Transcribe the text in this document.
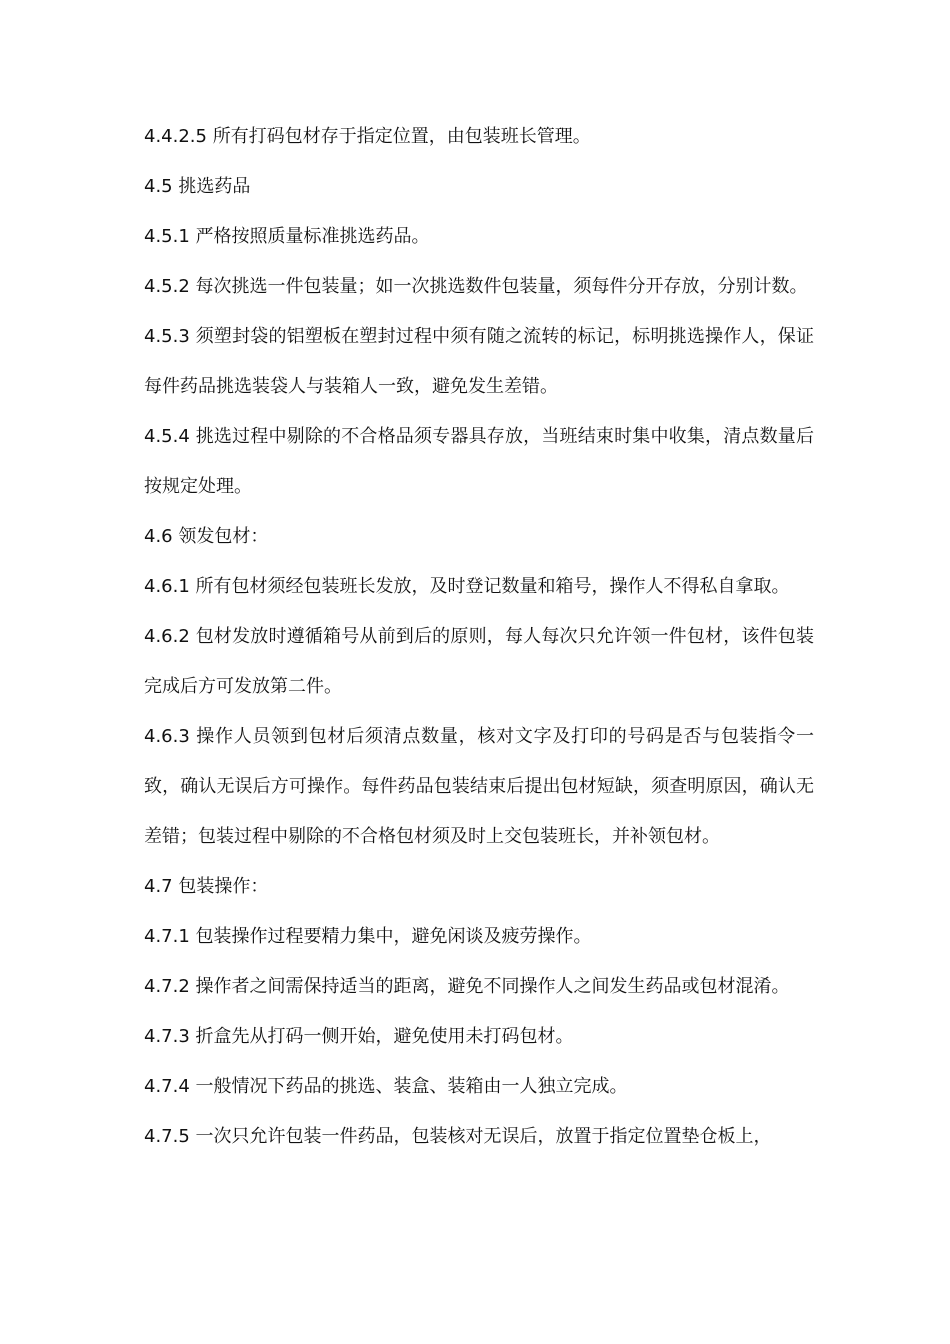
4.4.2.5 所有打码包材存于指定位置，由包装班长管理。

4.5 挑选药品

4.5.1 严格按照质量标准挑选药品。

4.5.2 每次挑选一件包装量；如一次挑选数件包装量，须每件分开存放，分别计数。

4.5.3 须塑封袋的铝塑板在塑封过程中须有随之流转的标记，标明挑选操作人，保证每件药品挑选装袋人与装箱人一致，避免发生差错。

4.5.4 挑选过程中剔除的不合格品须专器具存放，当班结束时集中收集，清点数量后按规定处理。

4.6 领发包材：

4.6.1 所有包材须经包装班长发放，及时登记数量和箱号，操作人不得私自拿取。

4.6.2 包材发放时遵循箱号从前到后的原则，每人每次只允许领一件包材，该件包装完成后方可发放第二件。

4.6.3 操作人员领到包材后须清点数量，核对文字及打印的号码是否与包装指令一致，确认无误后方可操作。每件药品包装结束后提出包材短缺，须查明原因，确认无差错；包装过程中剔除的不合格包材须及时上交包装班长，并补领包材。

4.7 包装操作：

4.7.1 包装操作过程要精力集中，避免闲谈及疲劳操作。

4.7.2 操作者之间需保持适当的距离，避免不同操作人之间发生药品或包材混淆。

4.7.3 折盒先从打码一侧开始，避免使用未打码包材。

4.7.4 一般情况下药品的挑选、装盒、装箱由一人独立完成。

4.7.5 一次只允许包装一件药品，包装核对无误后，放置于指定位置垫仓板上，
